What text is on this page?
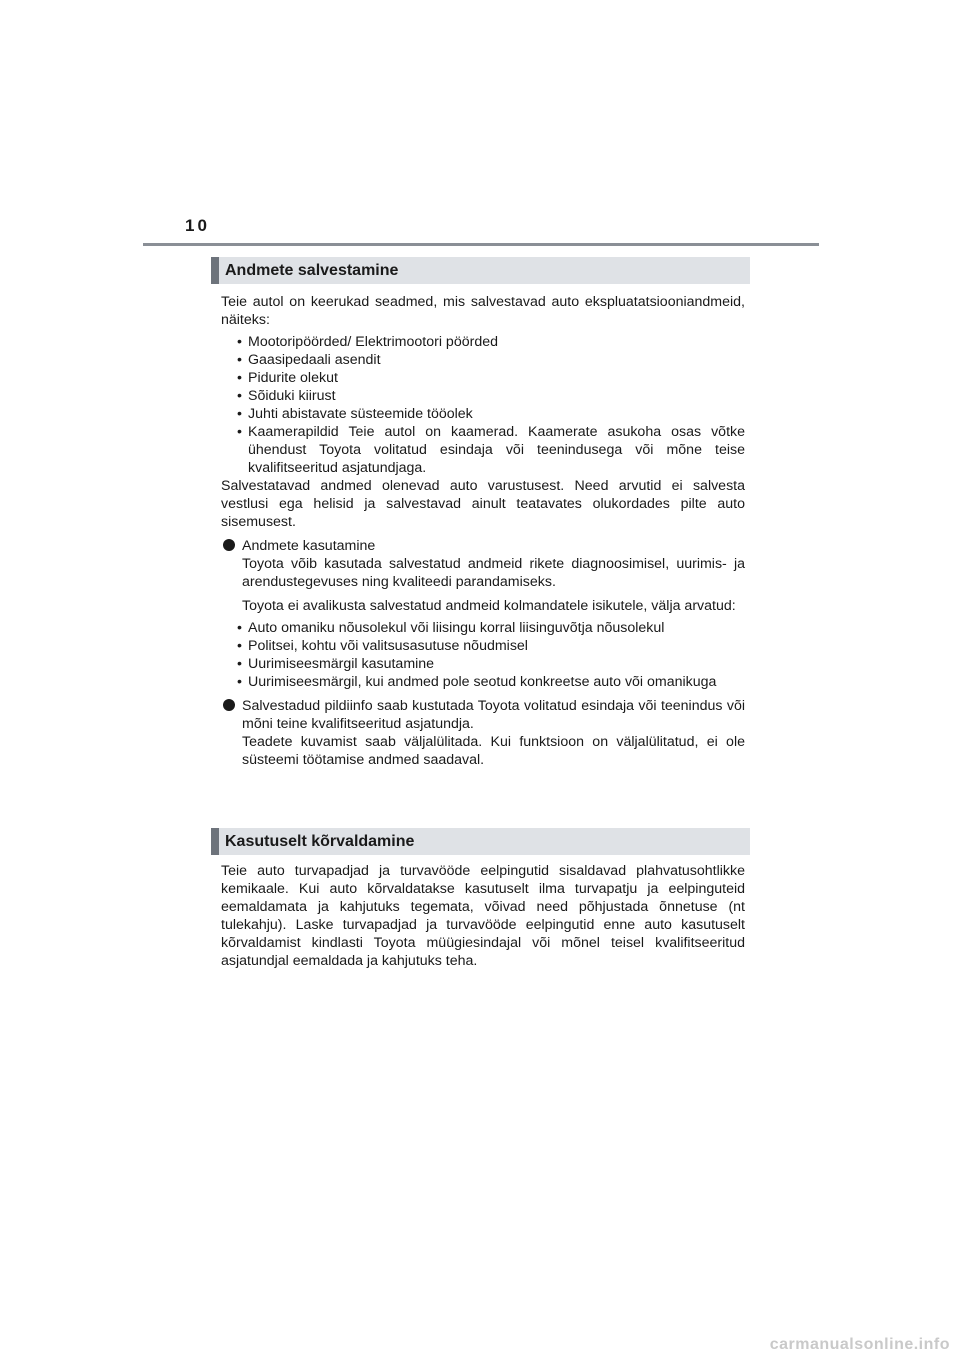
10
Andmete salvestamine

Teie autol on keerukad seadmed, mis salvestavad auto ekspluatatsiooniandmeid, näiteks:

• Mootoripöörded/ Elektrimootori pöörded
• Gaasipedaali asendit
• Pidurite olekut
• Sõiduki kiirust
• Juhti abistavate süsteemide tööolek
• Kaamerapildid Teie autol on kaamerad. Kaamerate asukoha osas võtke ühendust Toyota volitatud esindaja või teenindusega või mõne teise kvalifitseeritud asjatundjaga.

Salvestatavad andmed olenevad auto varustusest. Need arvutid ei salvesta vestlusi ega helisid ja salvestavad ainult teatavates olukordades pilte auto sisemusest.

Andmete kasutamine

Toyota võib kasutada salvestatud andmeid rikete diagnoosimisel, uurimis- ja arendustegevuses ning kvaliteedi parandamiseks.

Toyota ei avalikusta salvestatud andmeid kolmandatele isikutele, välja arvatud:

• Auto omaniku nõusolekul või liisingu korral liisinguvõtja nõusolekul
• Politsei, kohtu või valitsusasutuse nõudmisel
• Uurimiseesmärgil kasutamine
• Uurimiseesmärgil, kui andmed pole seotud konkreetse auto või omanikuga

Salvestadud pildiinfo saab kustutada Toyota volitatud esindaja või teenindus või mõni teine kvalifitseeritud asjatundja.

Teadete kuvamist saab väljalülitada. Kui funktsioon on väljalülitatud, ei ole süsteemi töötamise andmed saadaval.

Kasutuselt kõrvaldamine

Teie auto turvapadjad ja turvavööde eelpingutid sisaldavad plahvatusohtlikke kemikaale. Kui auto kõrvaldatakse kasutuselt ilma turvapatju ja eelpinguteid eemaldamata ja kahjutuks tegemata, võivad need põhjustada õnnetuse (nt tulekahju). Laske turvapadjad ja turvavööde eelpingutid enne auto kasutuselt kõrvaldamist kindlasti Toyota müügiesindajal või mõnel teisel kvalifitseeritud asjatundjal eemaldada ja kahjutuks teha.

carmanualsonline.info
